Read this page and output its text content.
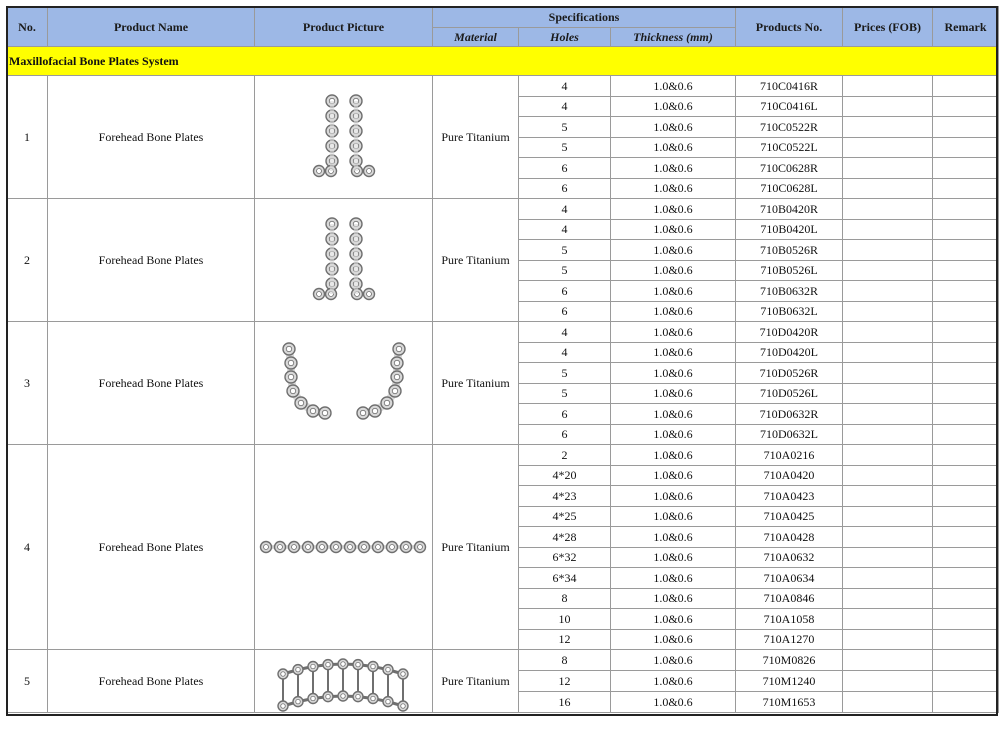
No.	Product Name	Product Picture	Specifications			Products No.	Prices (FOB)	Remark
			Material	Holes	Thickness (mm)			
Maxillofacial Bone Plates System								
1	Forehead Bone Plates		Pure Titanium	4	1.0&0.6	710C0416R		
				4	1.0&0.6	710C0416L		
				5	1.0&0.6	710C0522R		
				5	1.0&0.6	710C0522L		
				6	1.0&0.6	710C0628R		
				6	1.0&0.6	710C0628L		
2	Forehead Bone Plates		Pure Titanium	4	1.0&0.6	710B0420R		
				4	1.0&0.6	710B0420L		
				5	1.0&0.6	710B0526R		
				5	1.0&0.6	710B0526L		
				6	1.0&0.6	710B0632R		
				6	1.0&0.6	710B0632L		
3	Forehead Bone Plates		Pure Titanium	4	1.0&0.6	710D0420R		
				4	1.0&0.6	710D0420L		
				5	1.0&0.6	710D0526R		
				5	1.0&0.6	710D0526L		
				6	1.0&0.6	710D0632R		
				6	1.0&0.6	710D0632L		
4	Forehead Bone Plates		Pure Titanium	2	1.0&0.6	710A0216		
				4*20	1.0&0.6	710A0420		
				4*23	1.0&0.6	710A0423		
				4*25	1.0&0.6	710A0425		
				4*28	1.0&0.6	710A0428		
				6*32	1.0&0.6	710A0632		
				6*34	1.0&0.6	710A0634		
				8	1.0&0.6	710A0846		
				10	1.0&0.6	710A1058		
				12	1.0&0.6	710A1270		
5	Forehead Bone Plates		Pure Titanium	8	1.0&0.6	710M0826		
				12	1.0&0.6	710M1240		
				16	1.0&0.6	710M1653		
